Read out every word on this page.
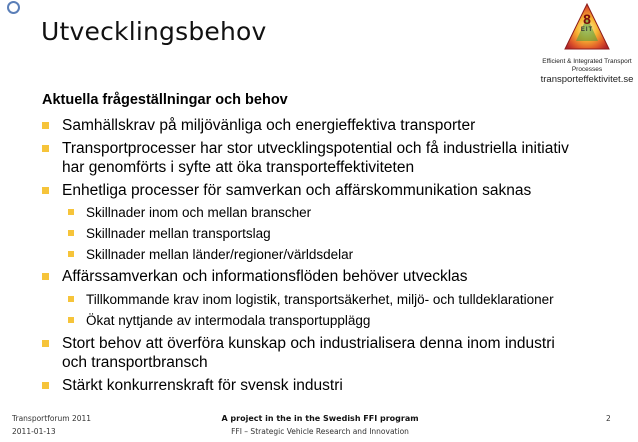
Utvecklingsbehov	8
EIT
Efficient & Integrated Transport
Processes
transporteffektivitet.se
Aktuella frågeställningar och behov
Samhällskrav på miljövänliga och energieffektiva transporter
Transportprocesser har stor utvecklingspotential och få industriella initiativ
har genomförts i syfte att öka transporteffektiviteten
Enhetliga processer för samverkan och affärskommunikation saknas
Skillnader inom och mellan branscher
Skillnader mellan transportslag
Skillnader mellan länder/regioner/världsdelar
Affärssamverkan och informationsflöden behöver utvecklas
Tillkommande krav inom logistik, transportsäkerhet, miljö- och tulldeklarationer
Ökat nyttjande av intermodala transportupplägg
Stort behov att överföra kunskap och industrialisera denna inom industri
och transportbransch
Stärkt konkurrenskraft för svensk industri
Transportforum 2011
2011-01-13
A project in the in the Swedish FFI program
FFI – Strategic Vehicle Research and Innovation
2
